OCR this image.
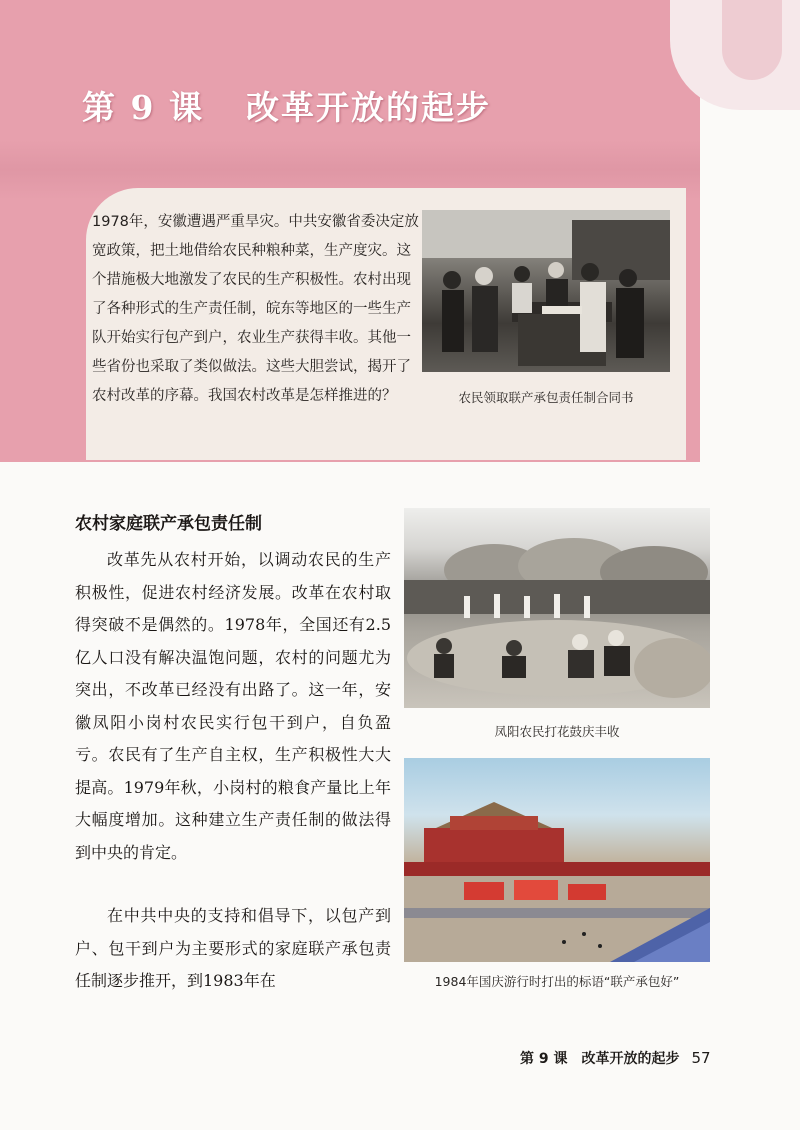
第 9 课 改革开放的起步

1978年，安徽遭遇严重旱灾。中共安徽省委决定放宽政策，把土地借给农民种粮种菜，生产度灾。这个措施极大地激发了农民的生产积极性。农村出现了各种形式的生产责任制，皖东等地区的一些生产队开始实行包产到户，农业生产获得丰收。其他一些省份也采取了类似做法。这些大胆尝试，揭开了农村改革的序幕。我国农村改革是怎样推进的？	农民领取联产承包责任制合同书

农村家庭联产承包责任制

改革先从农村开始，以调动农民的生产积极性，促进农村经济发展。改革在农村取得突破不是偶然的。1978年，全国还有2.5亿人口没有解决温饱问题，农村的问题尤为突出，不改革已经没有出路了。这一年，安徽凤阳小岗村农民实行包干到户，自负盈亏。农民有了生产自主权，生产积极性大大提高。1979年秋，小岗村的粮食产量比上年大幅度增加。这种建立生产责任制的做法得到中央的肯定。

在中共中央的支持和倡导下，以包产到户、包干到户为主要形式的家庭联产承包责任制逐步推开，到1983年在

凤阳农民打花鼓庆丰收

1984年国庆游行时打出的标语“联产承包好”

第 9 课　改革开放的起步 57
